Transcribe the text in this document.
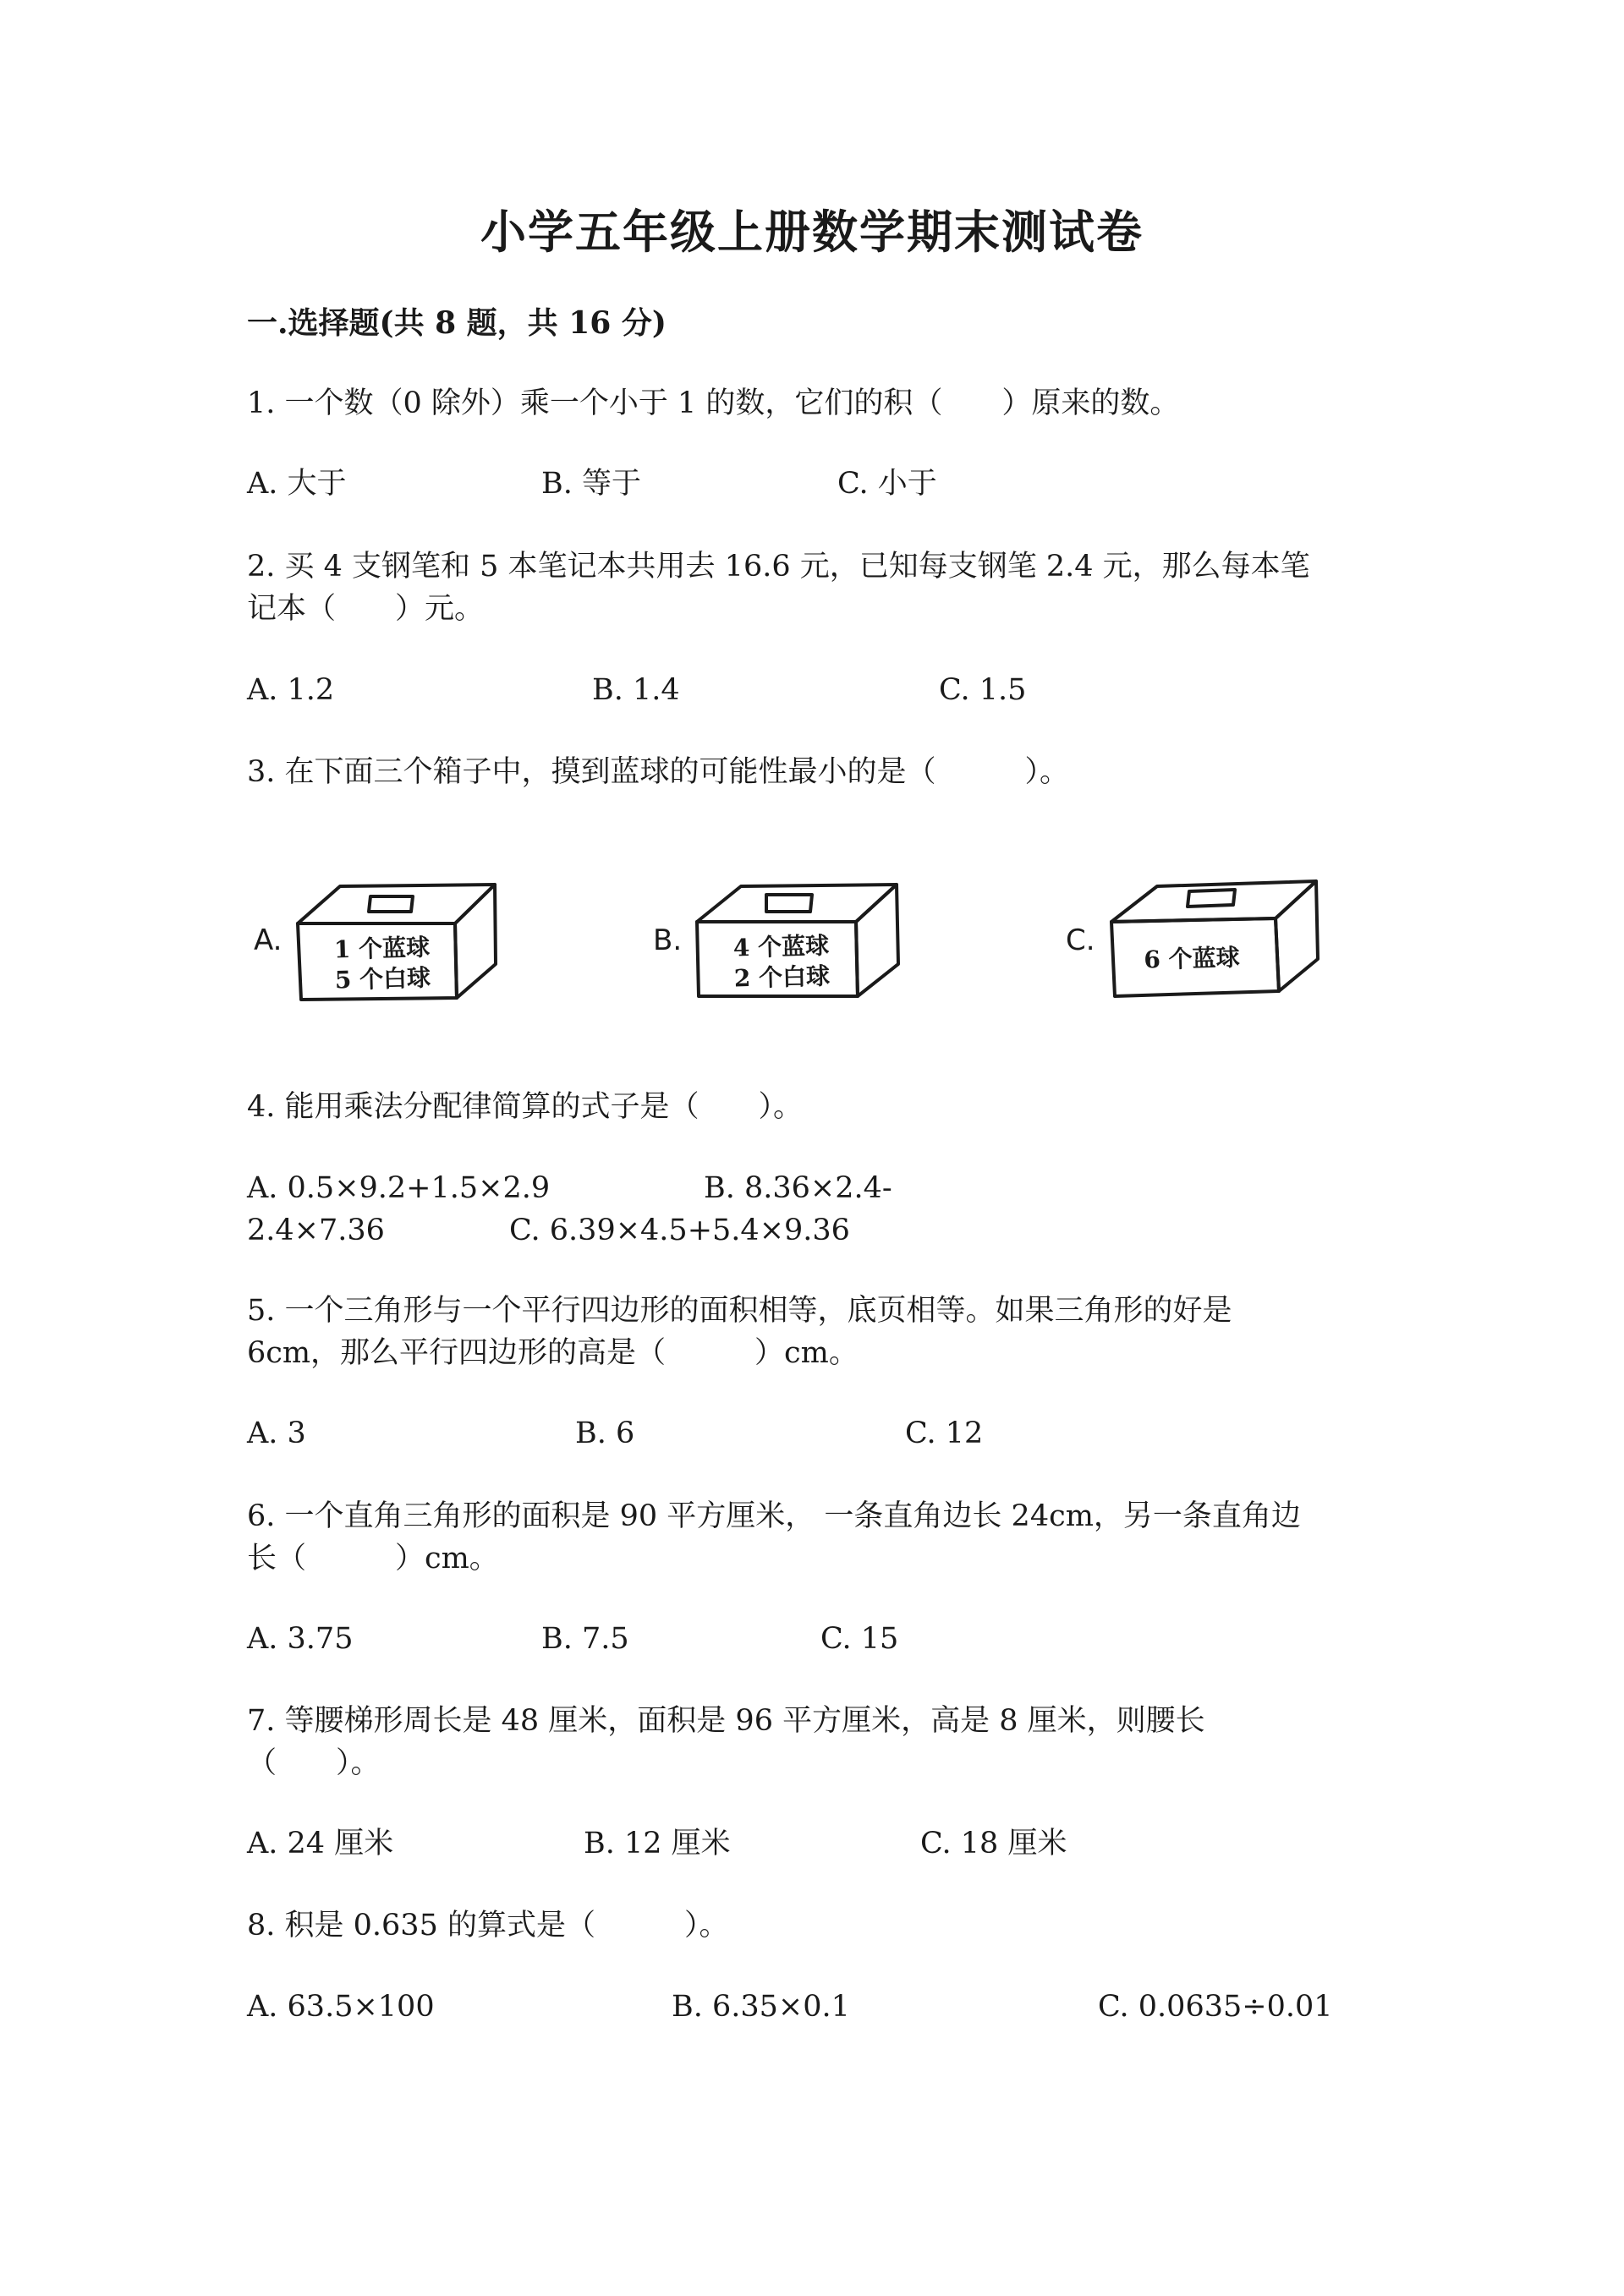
小学五年级上册数学期末测试卷
一.选择题(共 8 题，共 16 分)
1. 一个数（0 除外）乘一个小于 1 的数，它们的积（　　）原来的数。
A. 大于	B. 等于	C. 小于
2. 买 4 支钢笔和 5 本笔记本共用去 16.6 元，已知每支钢笔 2.4 元，那么每本笔
记本（　　）元。
A. 1.2	B. 1.4	C. 1.5
3. 在下面三个箱子中，摸到蓝球的可能性最小的是（　　　）。
A.	1 个蓝球
5 个白球
B.	4 个蓝球
2 个白球
C.
6 个蓝球
4. 能用乘法分配律简算的式子是（　　）。
A. 0.5×9.2+1.5×2.9	B. 8.36×2.4-
2.4×7.36	C. 6.39×4.5+5.4×9.36
5. 一个三角形与一个平行四边形的面积相等，底页相等。如果三角形的好是
6cm，那么平行四边形的高是（　　　）cm。
A. 3	B. 6	C. 12
6. 一个直角三角形的面积是 90 平方厘米， 一条直角边长 24cm，另一条直角边
长（　　　）cm。
A. 3.75	B. 7.5	C. 15
7. 等腰梯形周长是 48 厘米，面积是 96 平方厘米，高是 8 厘米，则腰长
（　　）。
A. 24 厘米	B. 12 厘米	C. 18 厘米
8. 积是 0.635 的算式是（　　　）。
A. 63.5×100	B. 6.35×0.1	C. 0.0635÷0.01
